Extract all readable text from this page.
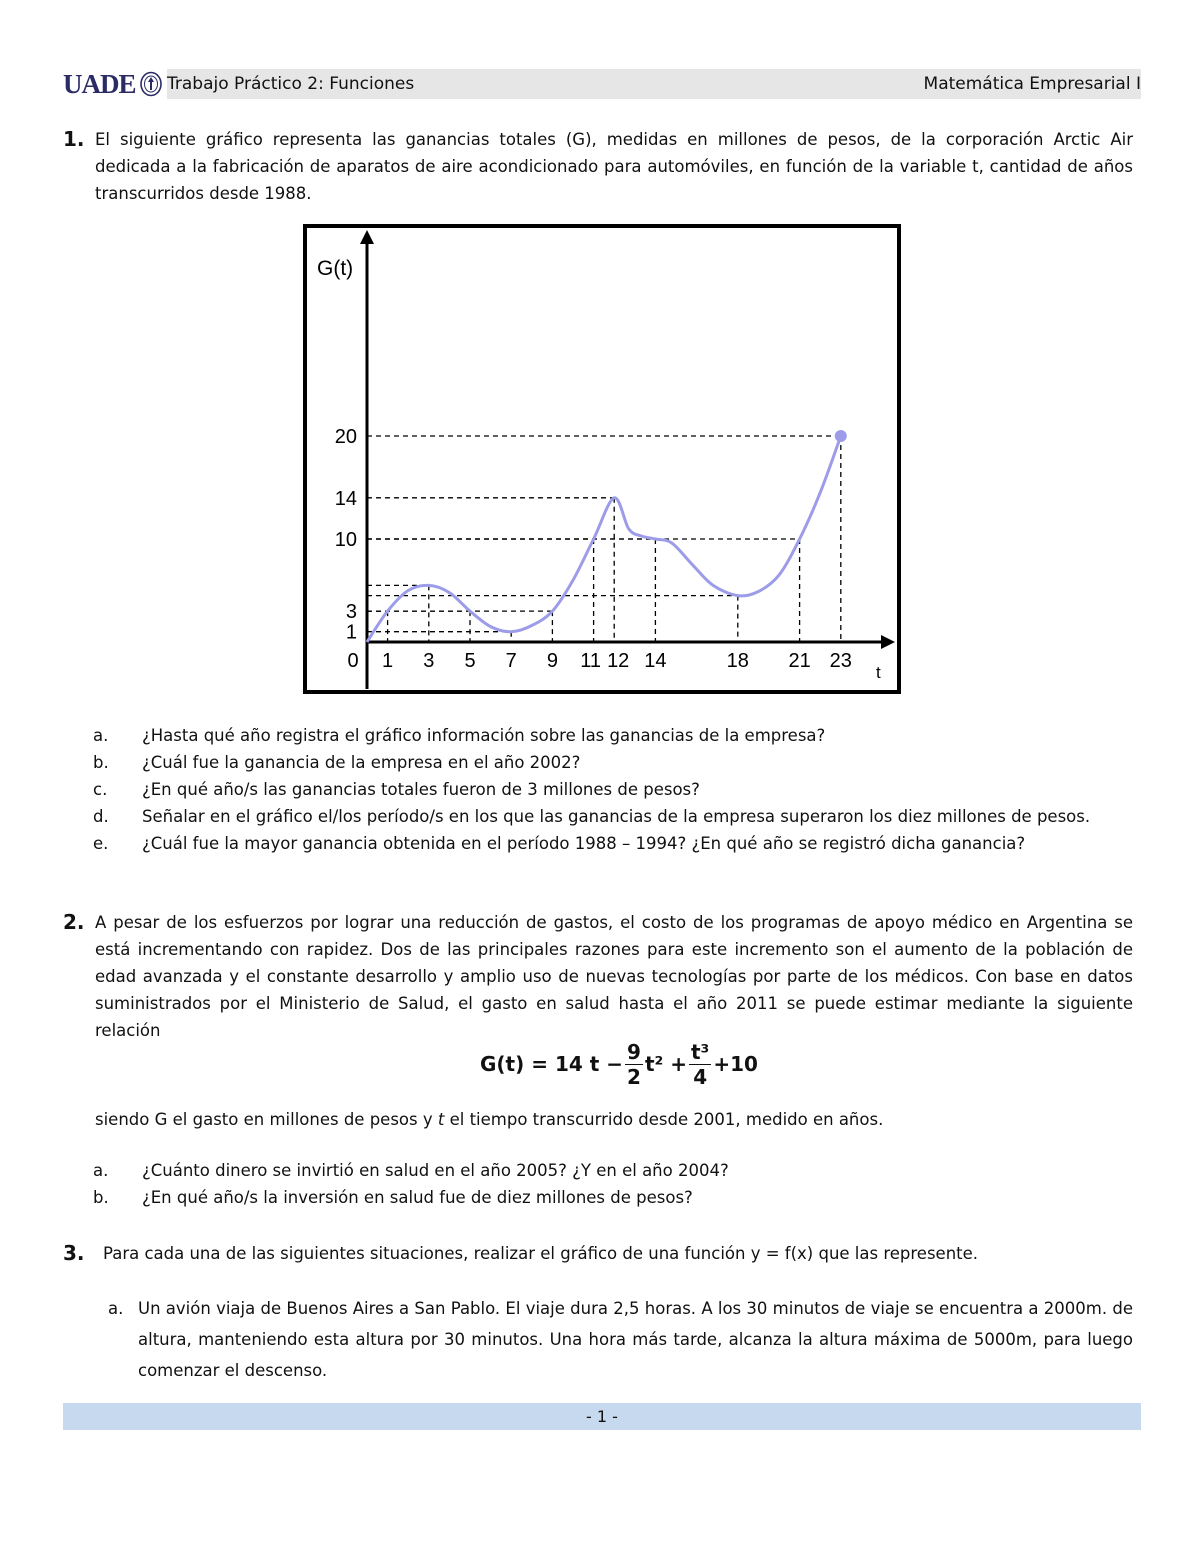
UADE Trabajo Práctico 2: Funciones	Matemática Empresarial I
1. El siguiente gráfico representa las ganancias totales (G), medidas en millones de pesos, de la corporación Arctic Air dedicada a la fabricación de aparatos de aire acondicionado para automóviles, en función de la variable t, cantidad de años transcurridos desde 1988.
0 1 3 5 7 9 11 12 14	18 21 23
1
3
10
14
20
G(t)
t
a.	¿Hasta qué año registra el gráfico información sobre las ganancias de la empresa?
b.	¿Cuál fue la ganancia de la empresa en el año 2002?
c.	¿En qué año/s las ganancias totales fueron de 3 millones de pesos?
d.	Señalar en el gráfico el/los período/s en los que las ganancias de la empresa superaron los diez millones de pesos.
e.	¿Cuál fue la mayor ganancia obtenida en el período 1988 – 1994? ¿En qué año se registró dicha ganancia?
2. A pesar de los esfuerzos por lograr una reducción de gastos, el costo de los programas de apoyo médico en Argentina se está incrementando con rapidez. Dos de las principales razones para este incremento son el aumento de la población de edad avanzada y el constante desarrollo y amplio uso de nuevas tecnologías por parte de los médicos. Con base en datos suministrados por el Ministerio de Salud, el gasto en salud hasta el año 2011 se puede estimar mediante la siguiente relación
G(t) = 14 $t - \frac{9}{2} t^2 + \frac{\text{t³}}{4} +10$
siendo G el gasto en millones de pesos y t el tiempo transcurrido desde 2001, medido en años.
a.	¿Cuánto dinero se invirtió en salud en el año 2005? ¿Y en el año 2004?
b.	¿En qué año/s la inversión en salud fue de diez millones de pesos?
3.	Para cada una de las siguientes situaciones, realizar el gráfico de una función y = f(x) que las represente.
a. Un avión viaja de Buenos Aires a San Pablo. El viaje dura 2,5 horas. A los 30 minutos de viaje se encuentra a 2000m. de altura, manteniendo esta altura por 30 minutos. Una hora más tarde, alcanza la altura máxima de 5000m, para luego comenzar el descenso.
- 1 -
